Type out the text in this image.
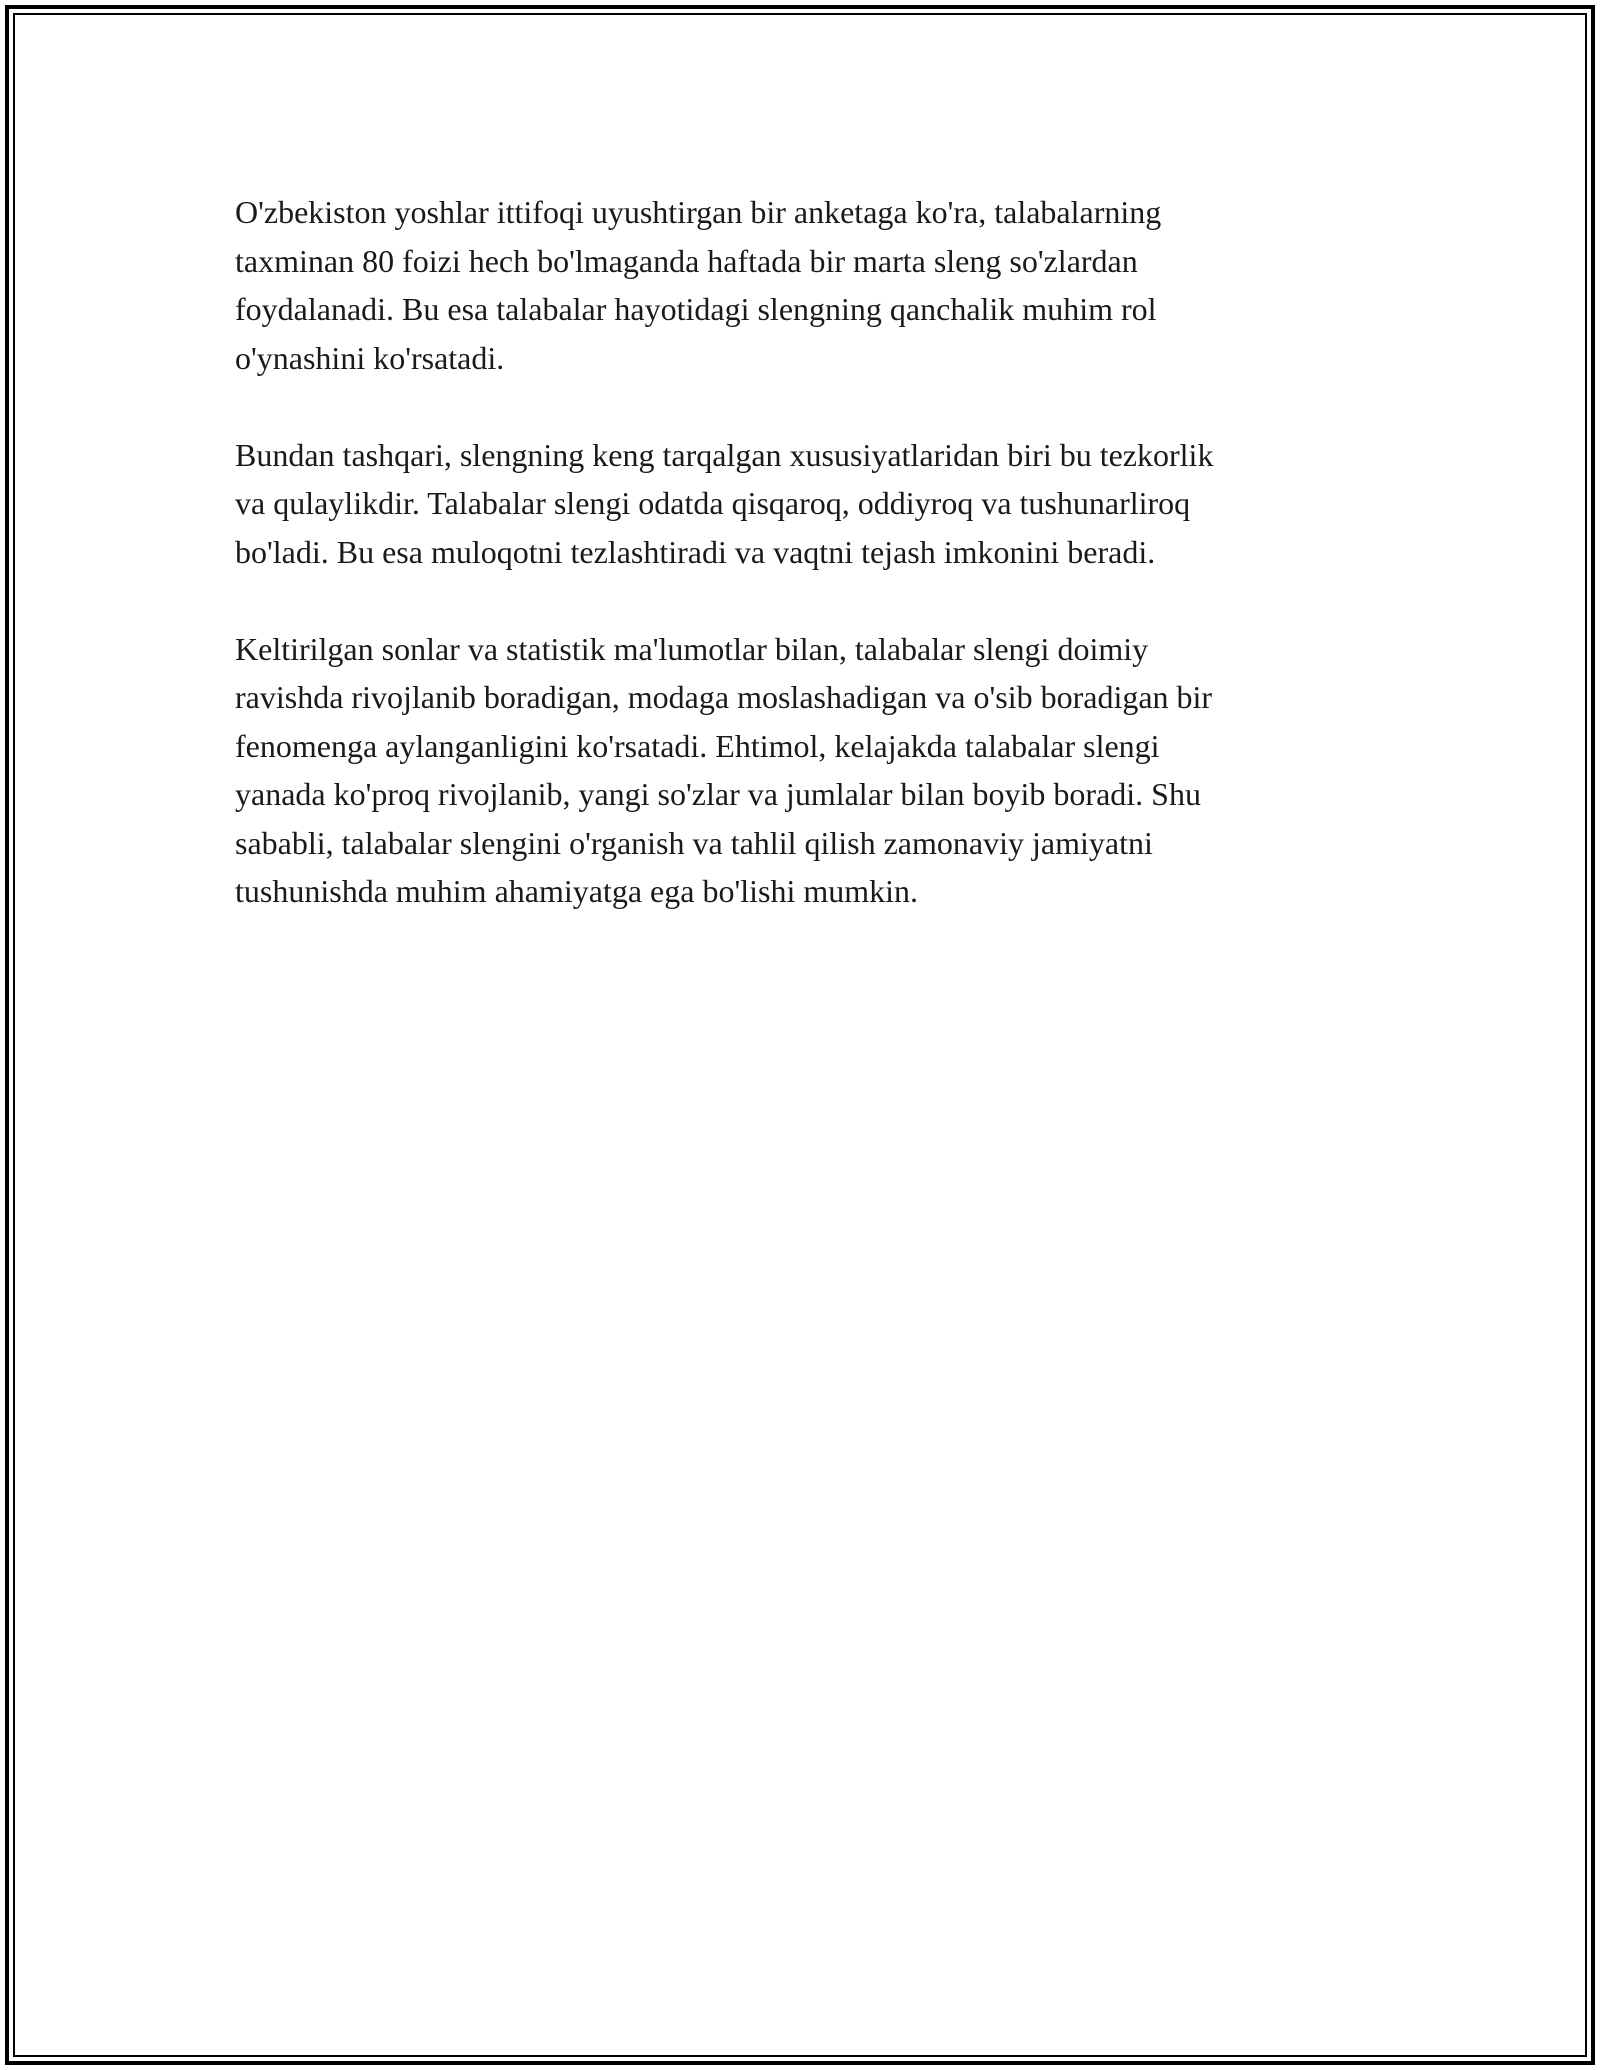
O'zbekiston yoshlar ittifoqi uyushtirgan bir anketaga ko'ra, talabalarning
taxminan 80 foizi hech bo'lmaganda haftada bir marta sleng so'zlardan
foydalanadi. Bu esa talabalar hayotidagi slengning qanchalik muhim rol
o'ynashini ko'rsatadi.

Bundan tashqari, slengning keng tarqalgan xususiyatlaridan biri bu tezkorlik
va qulaylikdir. Talabalar slengi odatda qisqaroq, oddiyroq va tushunarliroq
bo'ladi. Bu esa muloqotni tezlashtiradi va vaqtni tejash imkonini beradi.

Keltirilgan sonlar va statistik ma'lumotlar bilan, talabalar slengi doimiy
ravishda rivojlanib boradigan, modaga moslashadigan va o'sib boradigan bir
fenomenga aylanganligini ko'rsatadi. Ehtimol, kelajakda talabalar slengi
yanada ko'proq rivojlanib, yangi so'zlar va jumlalar bilan boyib boradi. Shu
sababli, talabalar slengini o'rganish va tahlil qilish zamonaviy jamiyatni
tushunishda muhim ahamiyatga ega bo'lishi mumkin.
